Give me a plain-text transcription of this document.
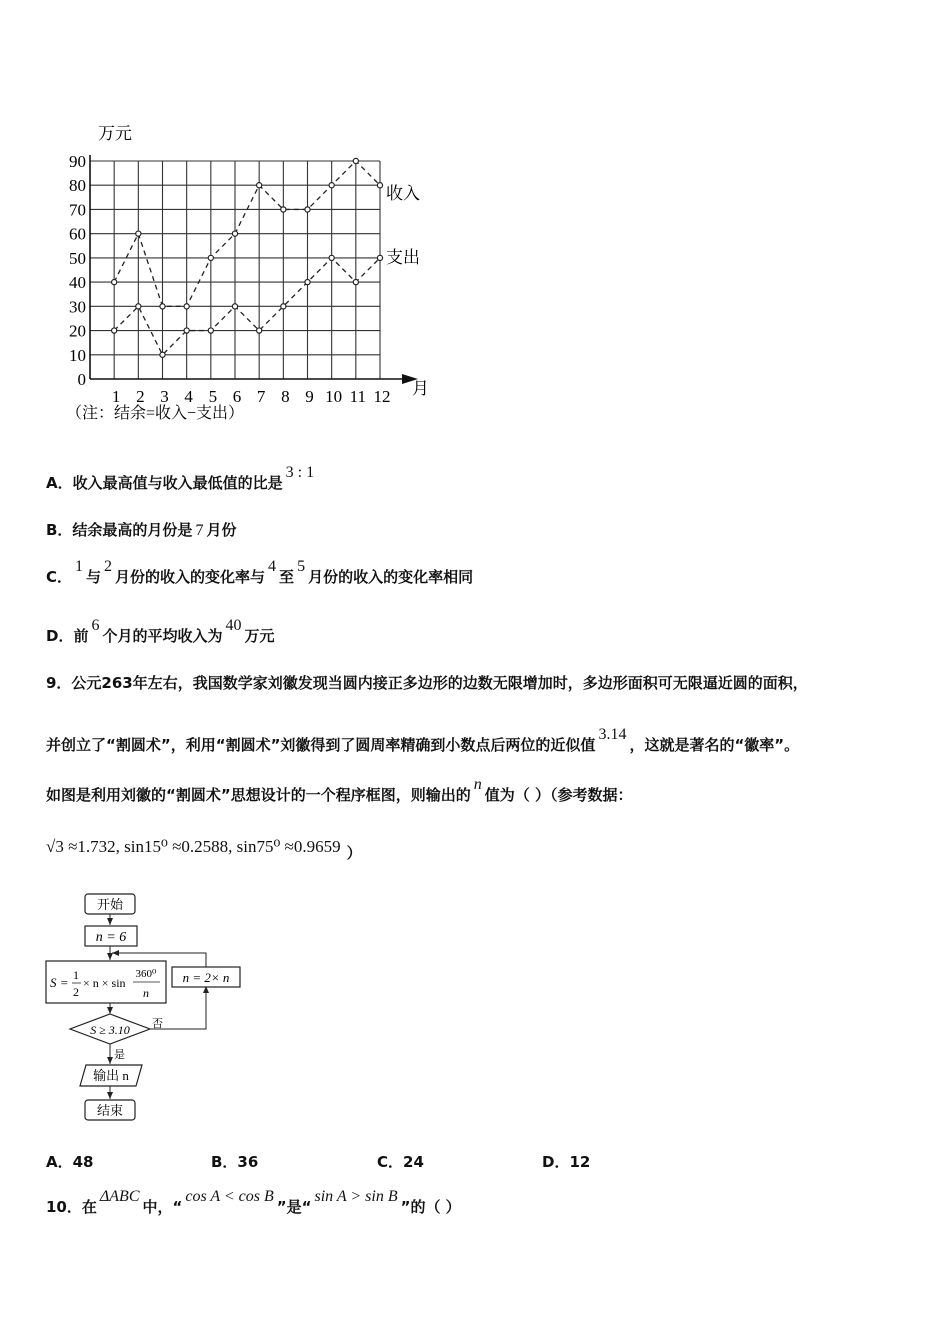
0
10
20
30
40
50
60
70
80
90
1 2 3 4 5 6 7 8 9 10 11 12
万元
月
收入
支出
（注：结余=收入−支出）
A．收入最高值与收入最低值的比是3 : 1
B．结余最高的月份是 7 月份
C．1与2月份的收入的变化率与4至5月份的收入的变化率相同
D．前6个月的平均收入为40万元
9．公元263年左右，我国数学家刘徽发现当圆内接正多边形的边数无限增加时，多边形面积可无限逼近圆的面积，
并创立了“割圆术”，利用“割圆术”刘徽得到了圆周率精确到小数点后两位的近似值3.14，这就是著名的“徽率”。
如图是利用刘徽的“割圆术”思想设计的一个程序框图，则输出的n值为（ ）（参考数据：
√3 ≈1.732, sin15⁰ ≈0.2588, sin75⁰ ≈0.9659 ）
开始
n = 6
S = 1
2
× n × sin
360⁰
n
S ≥ 3.10 否
n = 2× n
是
输出 n
结束
A．48	B．36	C．24	D．12
10．在ΔABC中，“cos A < cos B”是“sin A > sin B”的（ ）
